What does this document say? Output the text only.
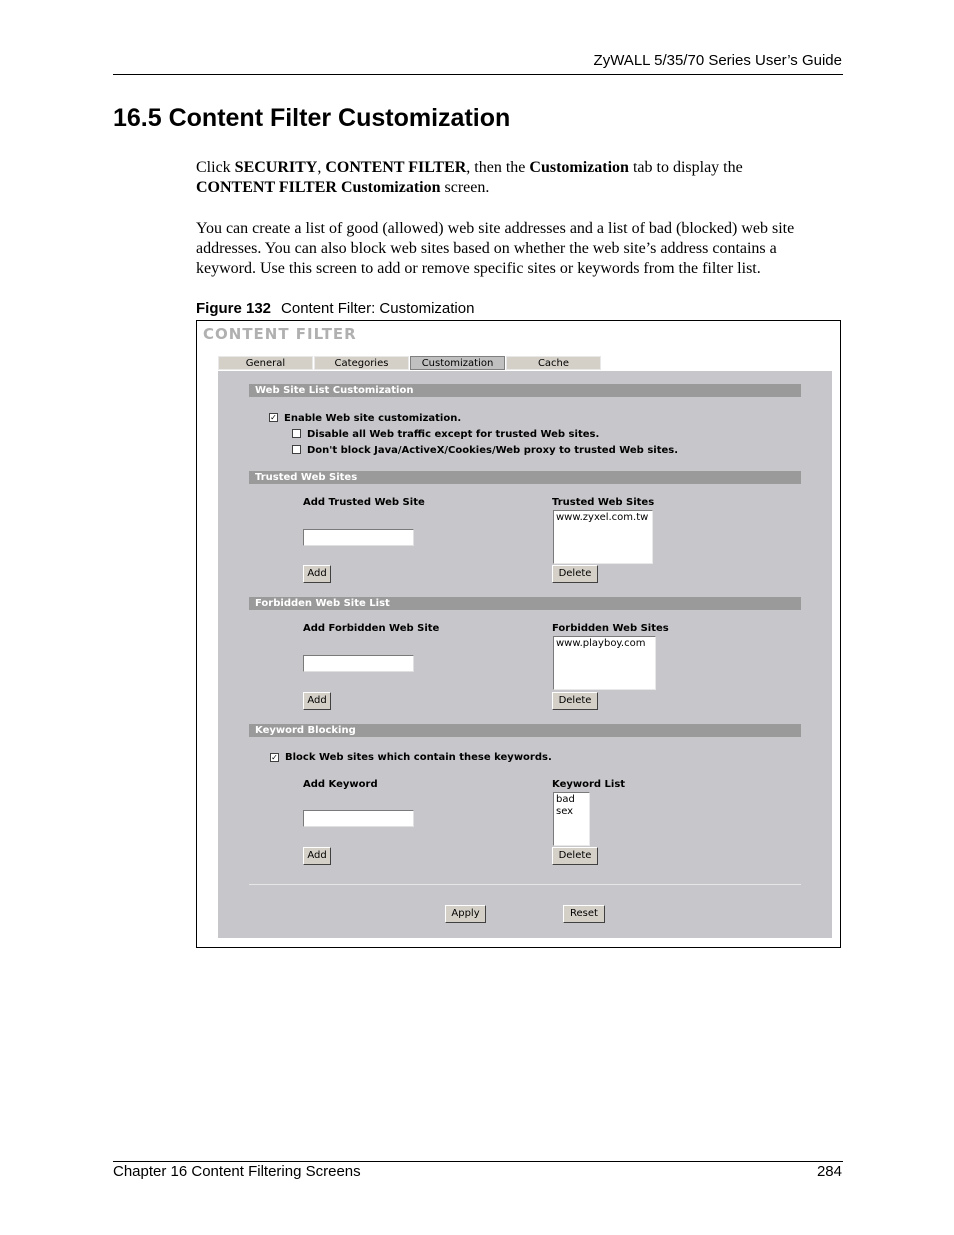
ZyWALL 5/35/70 Series User’s Guide
16.5 Content Filter Customization
Click SECURITY, CONTENT FILTER, then the Customization tab to display the
CONTENT FILTER Customization screen.
You can create a list of good (allowed) web site addresses and a list of bad (blocked) web site
addresses. You can also block web sites based on whether the web site’s address contains a
keyword. Use this screen to add or remove specific sites or keywords from the filter list.
Figure 132 Content Filter: Customization
CONTENT FILTER
General	Categories	Customization	Cache
Web Site List Customization
✓ Enable Web site customization.
Disable all Web traffic except for trusted Web sites.
Don't block Java/ActiveX/Cookies/Web proxy to trusted Web sites.
Trusted Web Sites
Add Trusted Web Site	Trusted Web Sites
www.zyxel.com.tw
Add	Delete
Forbidden Web Site List
Add Forbidden Web Site	Forbidden Web Sites
www.playboy.com
Add	Delete
Keyword Blocking
✓ Block Web sites which contain these keywords.
Add Keyword	Keyword List
bad
sex
Add	Delete
Apply	Reset
Chapter 16 Content Filtering Screens	284
